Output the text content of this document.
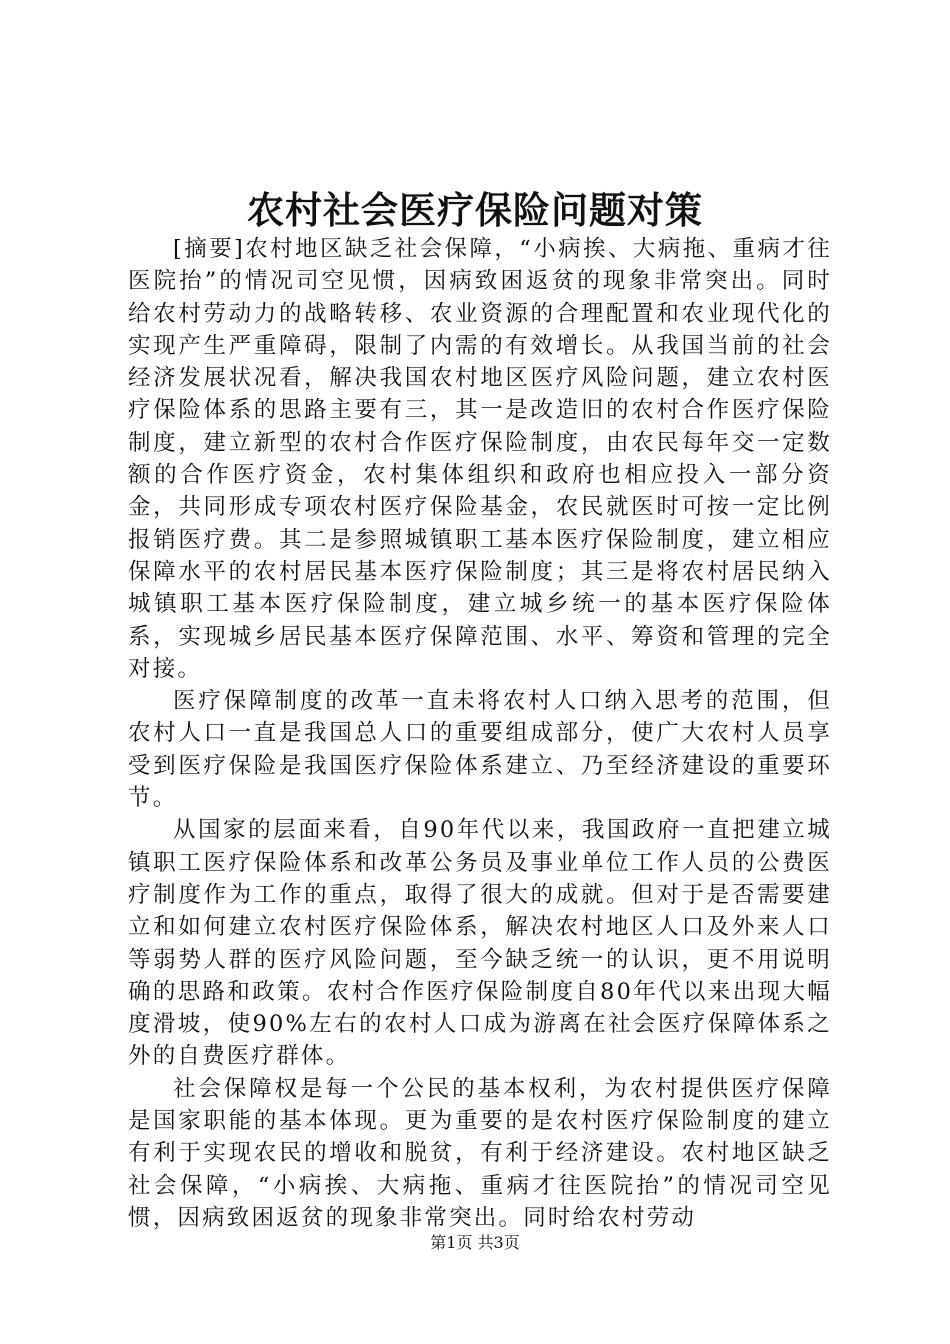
农村社会医疗保险问题对策

[摘要]农村地区缺乏社会保障，“小病挨、大病拖、重病才往医院抬”的情况司空见惯，因病致困返贫的现象非常突出。同时给农村劳动力的战略转移、农业资源的合理配置和农业现代化的实现产生严重障碍，限制了内需的有效增长。从我国当前的社会经济发展状况看，解决我国农村地区医疗风险问题，建立农村医疗保险体系的思路主要有三，其一是改造旧的农村合作医疗保险制度，建立新型的农村合作医疗保险制度，由农民每年交一定数额的合作医疗资金，农村集体组织和政府也相应投入一部分资金，共同形成专项农村医疗保险基金，农民就医时可按一定比例报销医疗费。其二是参照城镇职工基本医疗保险制度，建立相应保障水平的农村居民基本医疗保险制度；其三是将农村居民纳入城镇职工基本医疗保险制度，建立城乡统一的基本医疗保险体系，实现城乡居民基本医疗保障范围、水平、筹资和管理的完全对接。

医疗保障制度的改革一直未将农村人口纳入思考的范围，但农村人口一直是我国总人口的重要组成部分，使广大农村人员享受到医疗保险是我国医疗保险体系建立、乃至经济建设的重要环节。

从国家的层面来看，自90年代以来，我国政府一直把建立城镇职工医疗保险体系和改革公务员及事业单位工作人员的公费医疗制度作为工作的重点，取得了很大的成就。但对于是否需要建立和如何建立农村医疗保险体系，解决农村地区人口及外来人口等弱势人群的医疗风险问题，至今缺乏统一的认识，更不用说明确的思路和政策。农村合作医疗保险制度自80年代以来出现大幅度滑坡，使90%左右的农村人口成为游离在社会医疗保障体系之外的自费医疗群体。

社会保障权是每一个公民的基本权利，为农村提供医疗保障是国家职能的基本体现。更为重要的是农村医疗保险制度的建立有利于实现农民的增收和脱贫，有利于经济建设。农村地区缺乏社会保障，“小病挨、大病拖、重病才往医院抬”的情况司空见惯，因病致困返贫的现象非常突出。同时给农村劳动

第1页 共3页
